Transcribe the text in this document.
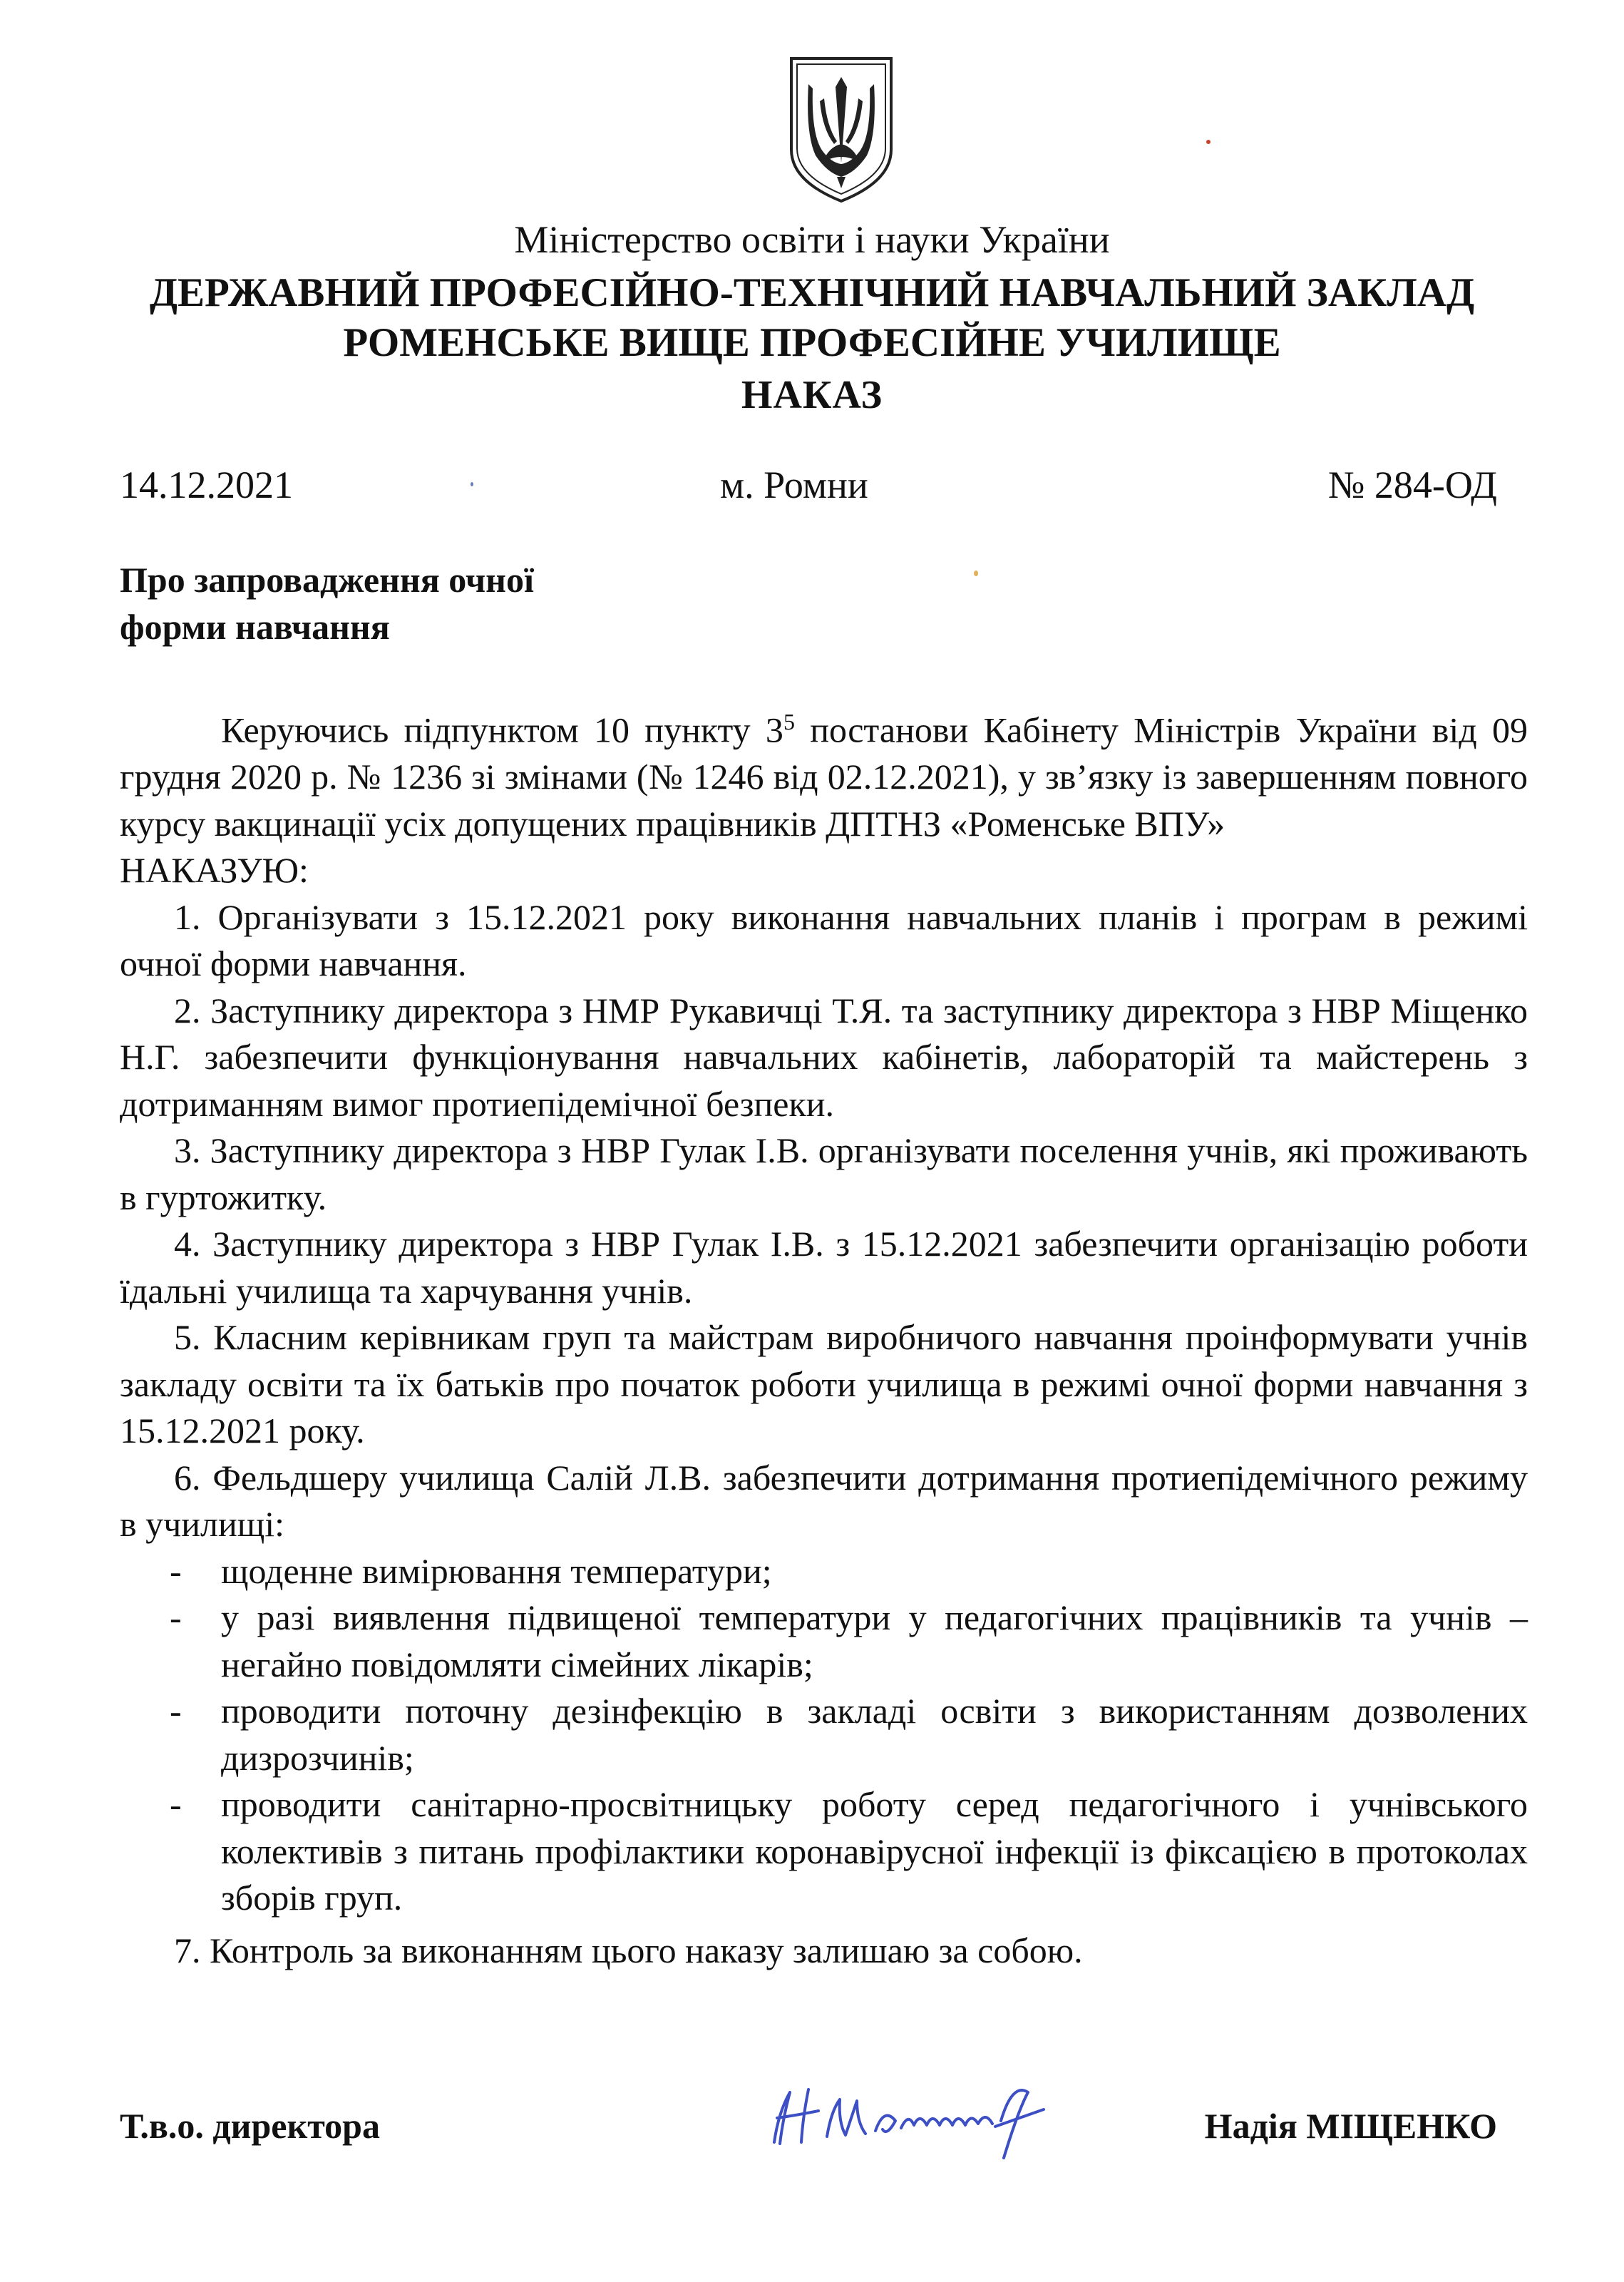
Міністерство освіти і науки України
ДЕРЖАВНИЙ ПРОФЕСІЙНО-ТЕХНІЧНИЙ НАВЧАЛЬНИЙ ЗАКЛАД
РОМЕНСЬКЕ ВИЩЕ ПРОФЕСІЙНЕ УЧИЛИЩЕ
НАКАЗ
14.12.2021	м. Ромни	№ 284-ОД
Про запровадження очної
форми навчання

Керуючись підпунктом 10 пункту $3^5$ постанови Кабінету Міністрів України від 09 грудня 2020 р. № 1236 зі змінами (№ 1246 від 02.12.2021), у зв’язку із завершенням повного курсу вакцинації усіх допущених працівників ДПТНЗ «Роменське ВПУ»

НАКАЗУЮ:

1. Організувати з 15.12.2021 року виконання навчальних планів і програм в режимі очної форми навчання.

2. Заступнику директора з НМР Рукавичці Т.Я. та заступнику директора з НВР Міщенко Н.Г. забезпечити функціонування навчальних кабінетів, лабораторій та майстерень з дотриманням вимог протиепідемічної безпеки.

3. Заступнику директора з НВР Гулак І.В. організувати поселення учнів, які проживають в гуртожитку.

4. Заступнику директора з НВР Гулак І.В. з 15.12.2021 забезпечити організацію роботи їдальні училища та харчування учнів.

5. Класним керівникам груп та майстрам виробничого навчання проінформувати учнів закладу освіти та їх батьків про початок роботи училища в режимі очної форми навчання з 15.12.2021 року.

6. Фельдшеру училища Салій Л.В. забезпечити дотримання протиепідемічного режиму в училищі:

- щоденне вимірювання температури;

- у разі виявлення підвищеної температури у педагогічних працівників та учнів – негайно повідомляти сімейних лікарів;

- проводити поточну дезінфекцію в закладі освіти з використанням дозволених дизрозчинів;

- проводити санітарно-просвітницьку роботу серед педагогічного і учнівського колективів з питань профілактики коронавірусної інфекції із фіксацією в протоколах зборів груп.

7. Контроль за виконанням цього наказу залишаю за собою.

Т.в.о. директора	Надія МІЩЕНКО
